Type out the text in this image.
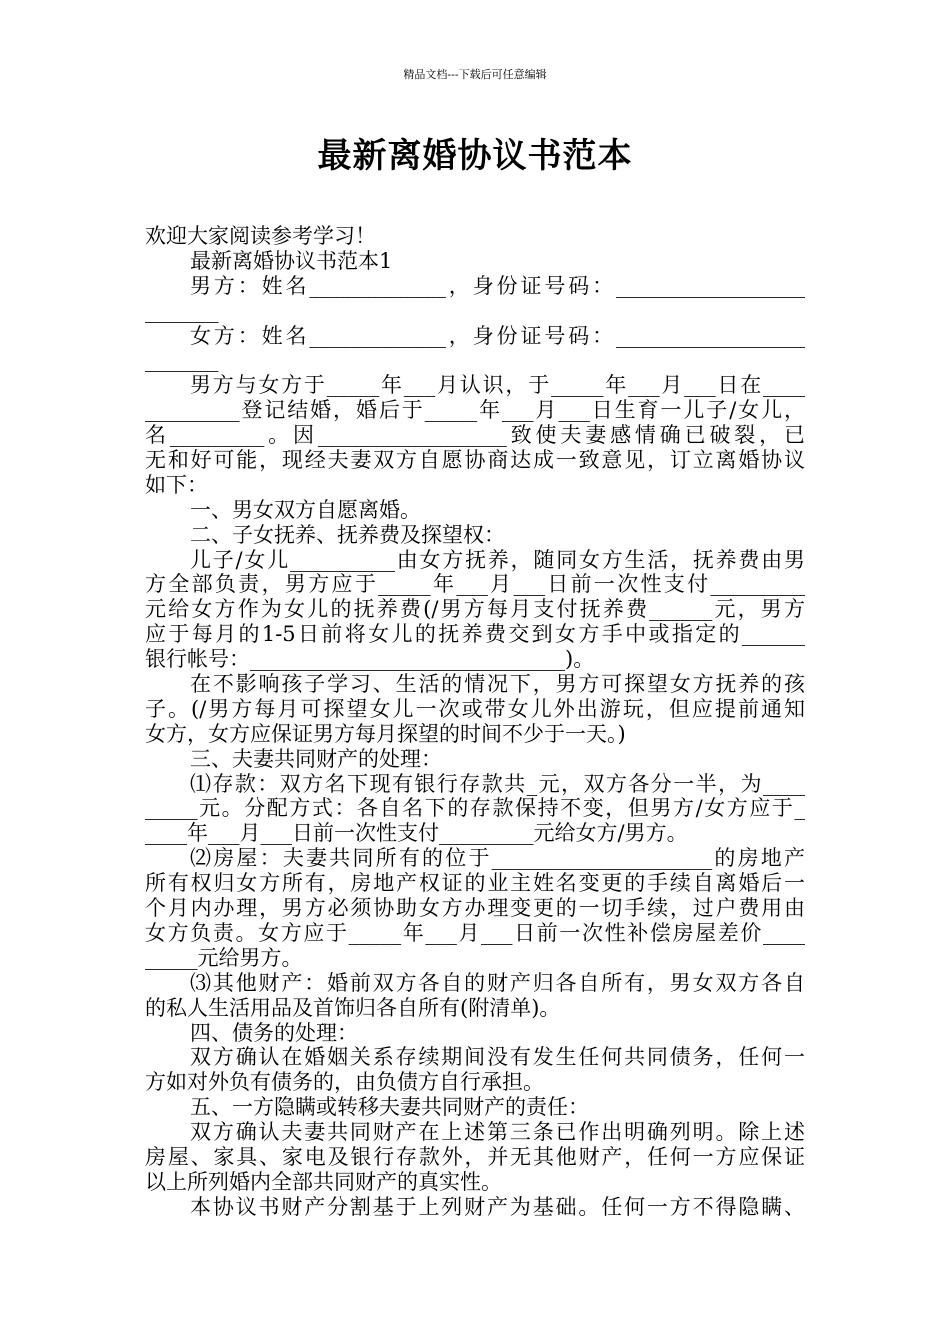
精品文档---下载后可任意编辑
最新离婚协议书范本
欢迎大家阅读参考学习！
最新离婚协议书范本1
男方：姓名_____________，身份证号码：__________________
_______
女方：姓名_____________，身份证号码：__________________
_______
男方与女方于_____年___月认识，于_____年___月___日在____
_________登记结婚，婚后于_____年___月___日生育一儿子/女儿，
名_________。因__________________致使夫妻感情确已破裂，已
无和好可能，现经夫妻双方自愿协商达成一致意见，订立离婚协议
如下：
一、男女双方自愿离婚。
二、子女抚养、抚养费及探望权：
儿子/女儿__________由女方抚养，随同女方生活，抚养费由男
方全部负责，男方应于_____年___月___日前一次性支付_________
元给女方作为女儿的抚养费(/男方每月支付抚养费______元，男方
应于每月的1-5日前将女儿的抚养费交到女方手中或指定的______
银行帐号：______________________________)。
在不影响孩子学习、生活的情况下，男方可探望女方抚养的孩
子。(/男方每月可探望女儿一次或带女儿外出游玩，但应提前通知
女方，女方应保证男方每月探望的时间不少于一天。)
三、夫妻共同财产的处理：
⑴存款：双方名下现有银行存款共_元，双方各分一半，为____
_____元。分配方式：各自名下的存款保持不变，但男方/女方应于_
____年___月___日前一次性支付_________元给女方/男方。
⑵房屋：夫妻共同所有的位于_____________________的房地产
所有权归女方所有，房地产权证的业主姓名变更的手续自离婚后一
个月内办理，男方必须协助女方办理变更的一切手续，过户费用由
女方负责。女方应于_____年___月___日前一次性补偿房屋差价____
_____元给男方。
⑶其他财产：婚前双方各自的财产归各自所有，男女双方各自
的私人生活用品及首饰归各自所有(附清单)。
四、债务的处理：
双方确认在婚姻关系存续期间没有发生任何共同债务，任何一
方如对外负有债务的，由负债方自行承担。
五、一方隐瞒或转移夫妻共同财产的责任：
双方确认夫妻共同财产在上述第三条已作出明确列明。除上述
房屋、家具、家电及银行存款外，并无其他财产，任何一方应保证
以上所列婚内全部共同财产的真实性。
本协议书财产分割基于上列财产为基础。任何一方不得隐瞒、
